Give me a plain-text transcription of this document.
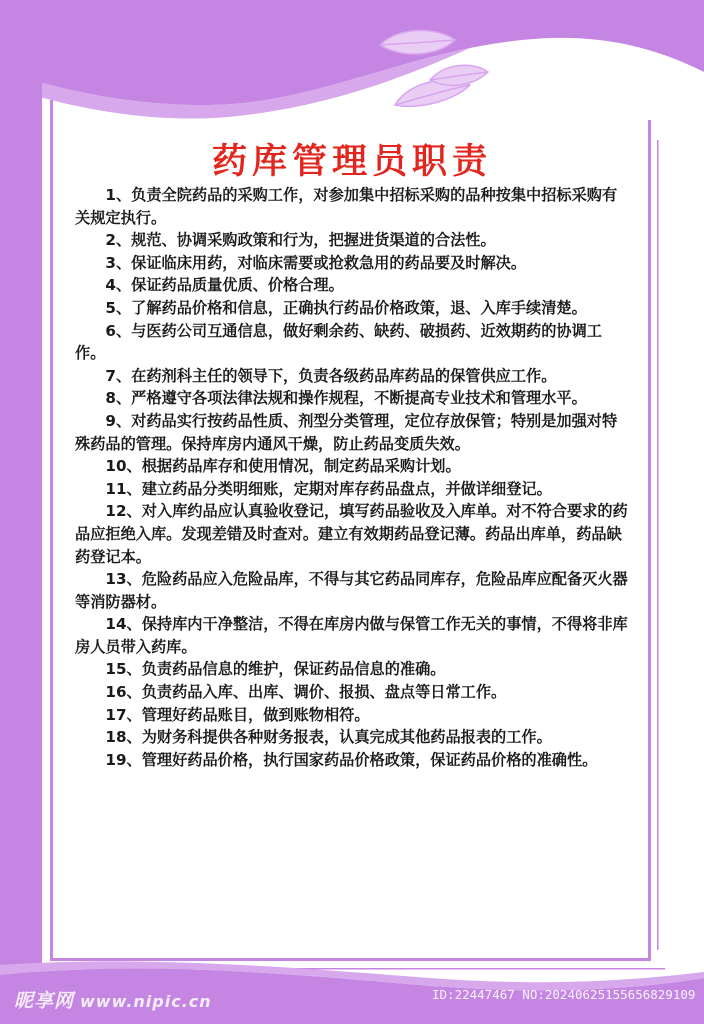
药库管理员职责
1、负责全院药品的采购工作，对参加集中招标采购的品种按集中招标采购有关规定执行。
2、规范、协调采购政策和行为，把握进货渠道的合法性。
3、保证临床用药，对临床需要或抢救急用的药品要及时解决。
4、保证药品质量优质、价格合理。
5、了解药品价格和信息，正确执行药品价格政策，退、入库手续清楚。
6、与医药公司互通信息，做好剩余药、缺药、破损药、近效期药的协调工作。
7、在药剂科主任的领导下，负责各级药品库药品的保管供应工作。
8、严格遵守各项法律法规和操作规程，不断提高专业技术和管理水平。
9、对药品实行按药品性质、剂型分类管理，定位存放保管；特别是加强对特殊药品的管理。保持库房内通风干燥，防止药品变质失效。
10、根据药品库存和使用情况，制定药品采购计划。
11、建立药品分类明细账，定期对库存药品盘点，并做详细登记。
12、对入库约品应认真验收登记，填写药品验收及入库单。对不符合要求的药品应拒绝入库。发现差错及时查对。建立有效期药品登记薄。药品出库单，药品缺药登记本。
13、危险药品应入危险品库，不得与其它药品同库存，危险品库应配备灭火器等消防器材。
14、保持库内干净整洁，不得在库房内做与保管工作无关的事情，不得将非库房人员带入药库。
15、负责药品信息的维护，保证药品信息的准确。
16、负责药品入库、出库、调价、报损、盘点等日常工作。
17、管理好药品账目，做到账物相符。
18、为财务科提供各种财务报表，认真完成其他药品报表的工作。
19、管理好药品价格，执行国家药品价格政策，保证药品价格的准确性。
昵享网 www.nipic.cn	ID:22447467 NO:20240625155656829109
